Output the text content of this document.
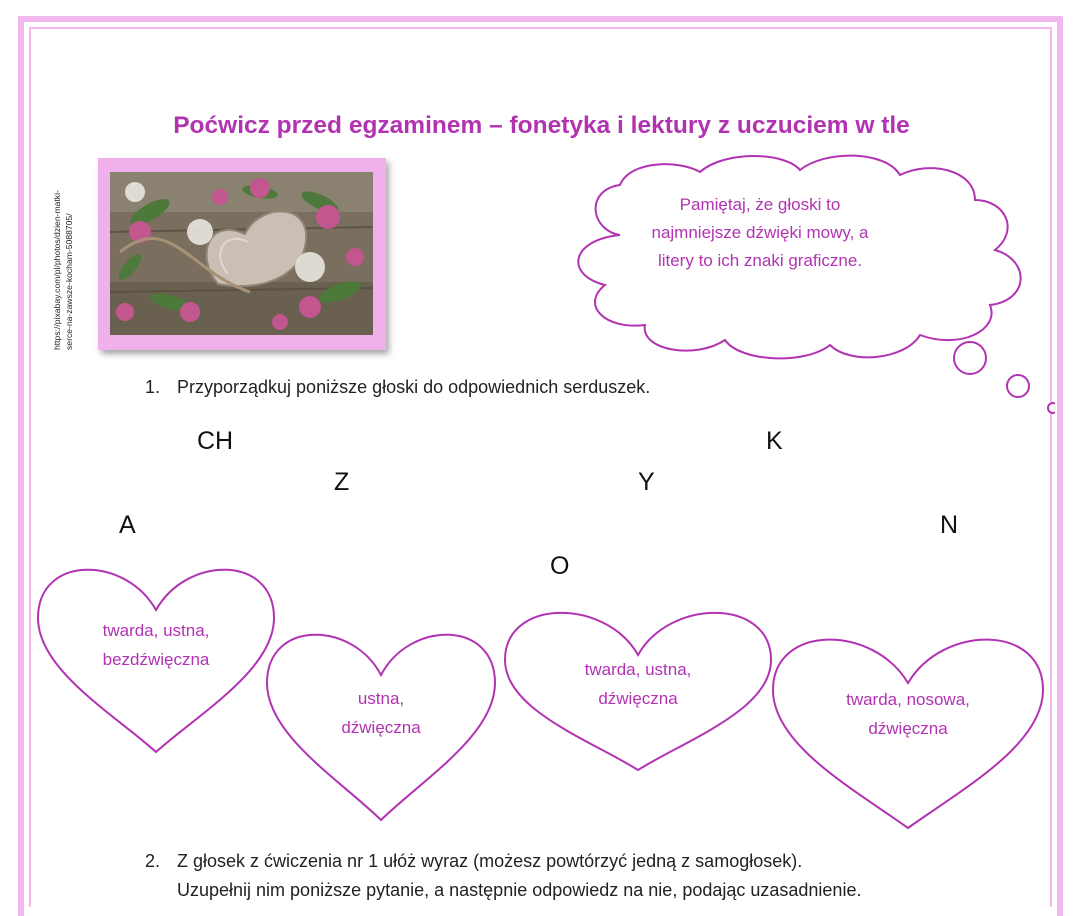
Poćwicz przed egzaminem – fonetyka i lektury z uczuciem w tle
https://pixabay.com/pl/photos/dzien-matki-serce-na-zawsze-kocham-5088705/
Pamiętaj, że głoski to
najmniejsze dźwięki mowy, a
litery to ich znaki graficzne.
1. Przyporządkuj poniższe głoski do odpowiednich serduszek.
CH	K
Z	Y
A	N
O
twarda, ustna,
bezdźwięczna
ustna,
dźwięczna
twarda, ustna,
dźwięczna	twarda, nosowa,
dźwięczna
2. Z głosek z ćwiczenia nr 1 ułóż wyraz (możesz powtórzyć jedną z samogłosek).
Uzupełnij nim poniższe pytanie, a następnie odpowiedz na nie, podając uzasadnienie.
